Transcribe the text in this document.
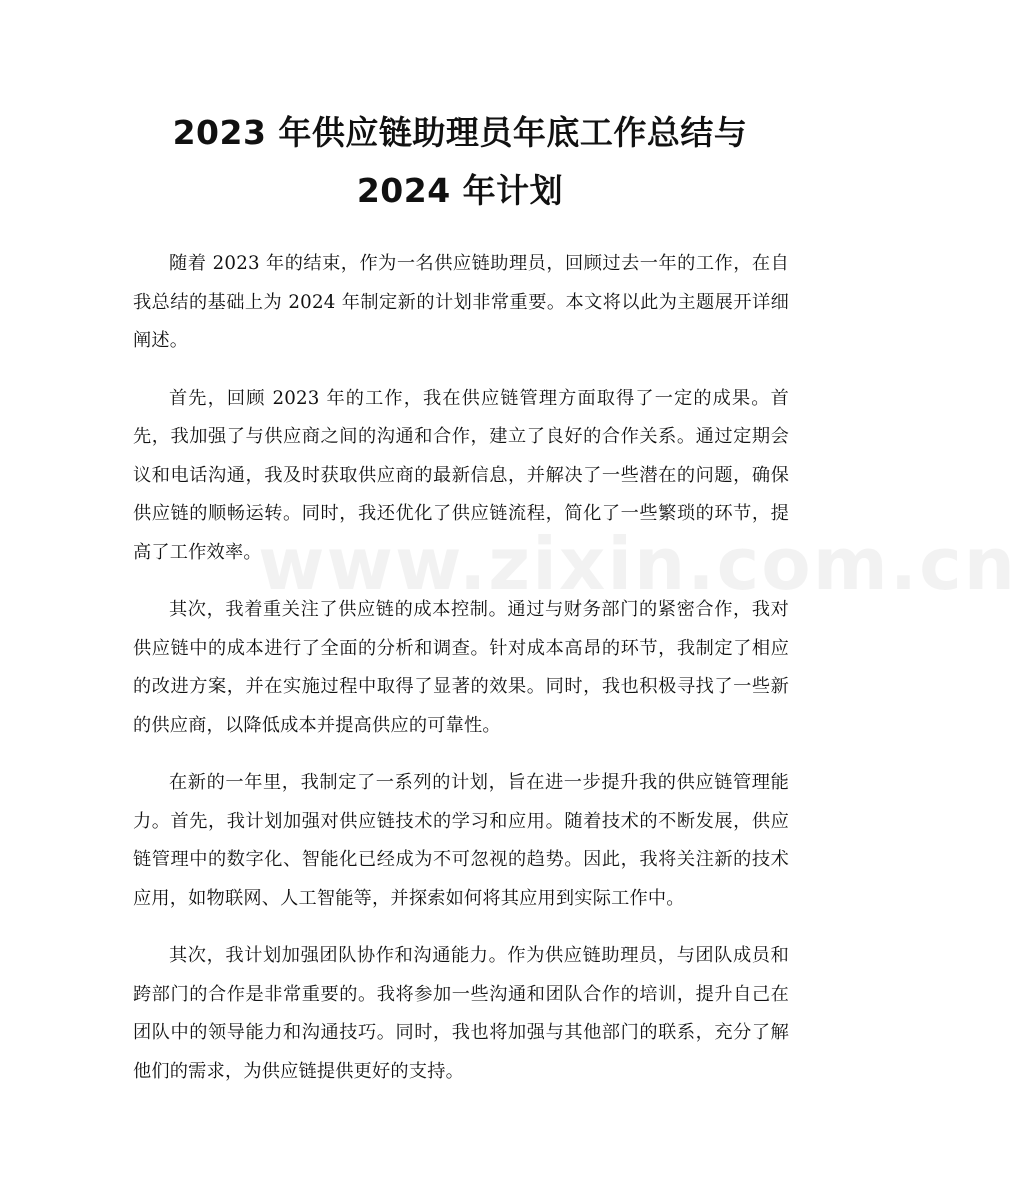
2023 年供应链助理员年底工作总结与 2024 年计划

随着 2023 年的结束，作为一名供应链助理员，回顾过去一年的工作，在自我总结的基础上为 2024 年制定新的计划非常重要。本文将以此为主题展开详细阐述。

首先，回顾 2023 年的工作，我在供应链管理方面取得了一定的成果。首先，我加强了与供应商之间的沟通和合作，建立了良好的合作关系。通过定期会议和电话沟通，我及时获取供应商的最新信息，并解决了一些潜在的问题，确保供应链的顺畅运转。同时，我还优化了供应链流程，简化了一些繁琐的环节，提高了工作效率。

其次，我着重关注了供应链的成本控制。通过与财务部门的紧密合作，我对供应链中的成本进行了全面的分析和调查。针对成本高昂的环节，我制定了相应的改进方案，并在实施过程中取得了显著的效果。同时，我也积极寻找了一些新的供应商，以降低成本并提高供应的可靠性。

在新的一年里，我制定了一系列的计划，旨在进一步提升我的供应链管理能力。首先，我计划加强对供应链技术的学习和应用。随着技术的不断发展，供应链管理中的数字化、智能化已经成为不可忽视的趋势。因此，我将关注新的技术应用，如物联网、人工智能等，并探索如何将其应用到实际工作中。

其次，我计划加强团队协作和沟通能力。作为供应链助理员，与团队成员和跨部门的合作是非常重要的。我将参加一些沟通和团队合作的培训，提升自己在团队中的领导能力和沟通技巧。同时，我也将加强与其他部门的联系，充分了解他们的需求，为供应链提供更好的支持。

www.zixin.com.cn
